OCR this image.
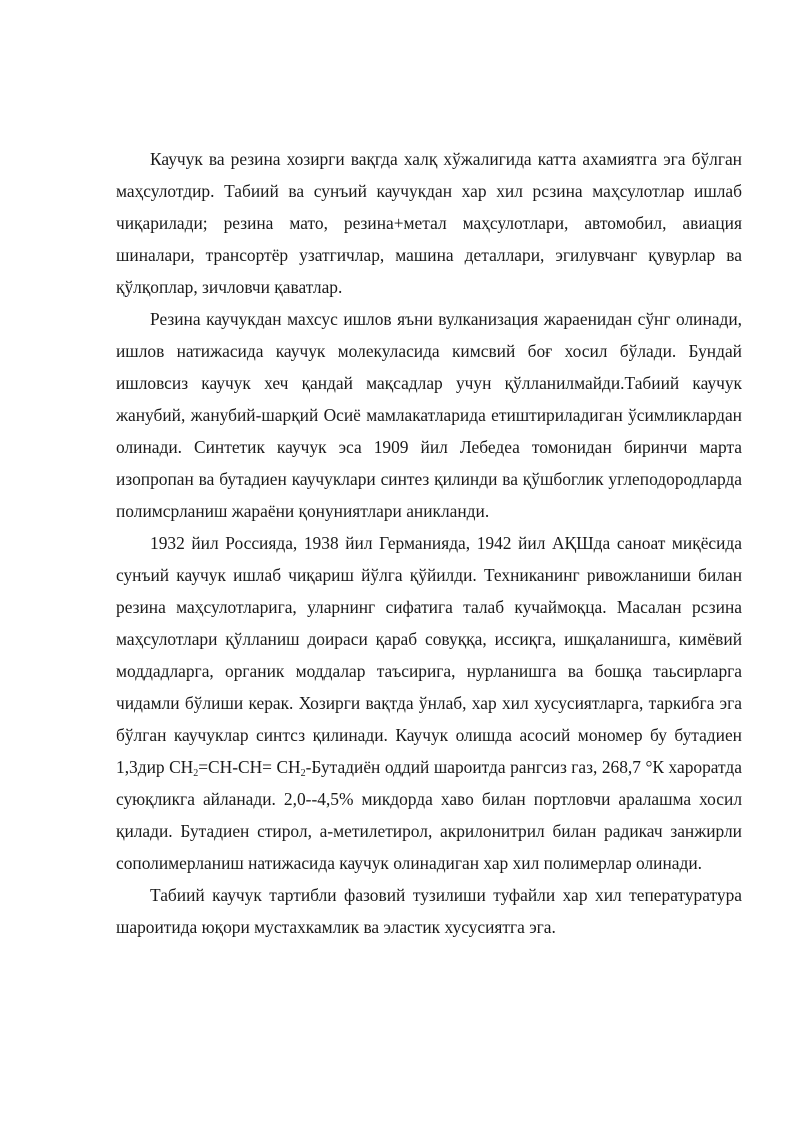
Каучук ва резина хозирги вақгда халқ хўжалигида катта ахамиятга эга бўлган маҳсулотдир. Табиий ва сунъий каучукдан хар хил рсзина маҳсулотлар ишлаб чиқарилади; резина мато, резина+метал маҳсулотлари, автомобил, авиация шиналари, трансортёр узатгичлар, машина деталлари, эгилувчанг қувурлар ва қўлқоплар, зичловчи қаватлар.

Резина каучукдан махсус ишлов яъни вулканизация жараенидан сўнг олинади, ишлов натижасида каучук молекуласида кимсвий боғ хосил бўлади. Бундай ишловсиз каучук хеч қандай мақсадлар учун қўлланилмайди.Табиий каучук жанубий, жанубий-шарқий Осиё мамлакатларида етиштириладиган ўсимликлардан олинади. Синтетик каучук эса 1909 йил Лебедеа томонидан биринчи марта изопропан ва бутадиен каучуклари синтез қилинди ва қўшбоглик углеподородларда полимсрланиш жараёни қонуниятлари аникланди.

1932 йил Россияда, 1938 йил Германияда, 1942 йил АҚШда саноат миқёсида сунъий каучук ишлаб чиқариш йўлга қўйилди. Техниканинг ривожланиши билан резина маҳсулотларига, уларнинг сифатига талаб кучаймоқца. Масалан рсзина маҳсулотлари қўлланиш доираси қараб совуққа, иссиқга, ишқаланишга, кимёвий моддадларга, органик моддалар таъсирига, нурланишга ва бошқа таьсирларга чидамли бўлиши керак. Хозирги вақтда ўнлаб, хар хил хусусиятларга, таркибга эга бўлган каучуклар синтсз қилинади. Каучук олишда асосий мономер бу бутадиен 1,3дир $CH_2=CH-CH=$ $CH_2$-Бутадиён оддий шароитда рангсиз газ, 268,7 °К хароратда суюқликга айланади. 2,0--4,5% микдорда хаво билан портловчи аралашма хосил қилади. Бутадиен стирол, а-метилетирол, акрилонитрил билан радикач занжирли сополимерланиш натижасида каучук олинадиган хар хил полимерлар олинади.

Табиий каучук тартибли фазовий тузилиши туфайли хар хил тепературатура шароитида юқори мустахкамлик ва эластик хусусиятга эга.
